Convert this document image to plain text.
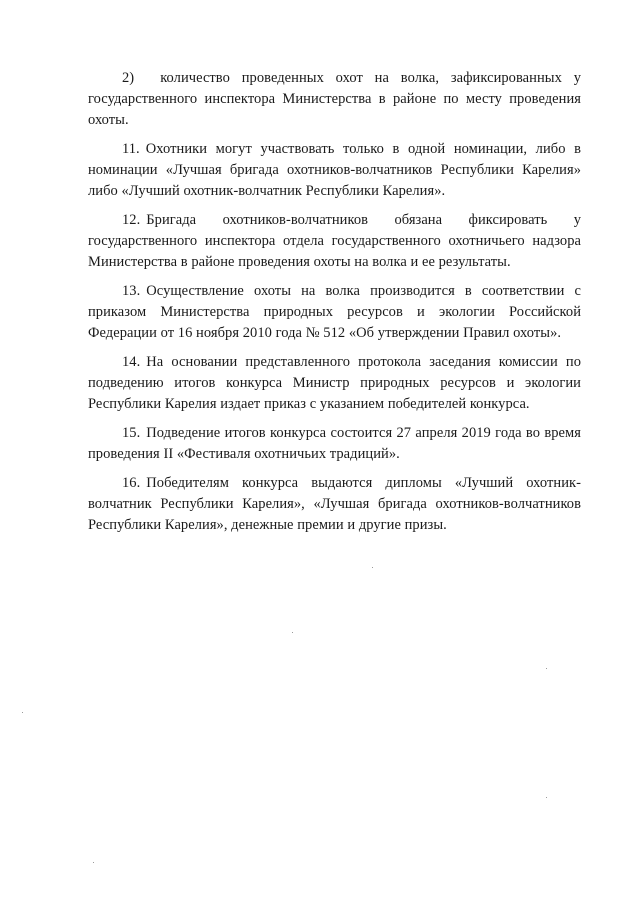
2) количество проведенных охот на волка, зафиксированных у государственного инспектора Министерства в районе по месту проведения охоты.

11. Охотники могут участвовать только в одной номинации, либо в номинации «Лучшая бригада охотников-волчатников Республики Карелия» либо «Лучший охотник-волчатник Республики Карелия».

12. Бригада охотников-волчатников обязана фиксировать у государственного инспектора отдела государственного охотничьего надзора Министерства в районе проведения охоты на волка и ее результаты.

13. Осуществление охоты на волка производится в соответствии с приказом Министерства природных ресурсов и экологии Российской Федерации от 16 ноября 2010 года № 512 «Об утверждении Правил охоты».

14. На основании представленного протокола заседания комиссии по подведению итогов конкурса Министр природных ресурсов и экологии Республики Карелия издает приказ с указанием победителей конкурса.

15. Подведение итогов конкурса состоится 27 апреля 2019 года во время проведения II «Фестиваля охотничьих традиций».

16. Победителям конкурса выдаются дипломы «Лучший охотник-волчатник Республики Карелия», «Лучшая бригада охотников-волчатников Республики Карелия», денежные премии и другие призы.
